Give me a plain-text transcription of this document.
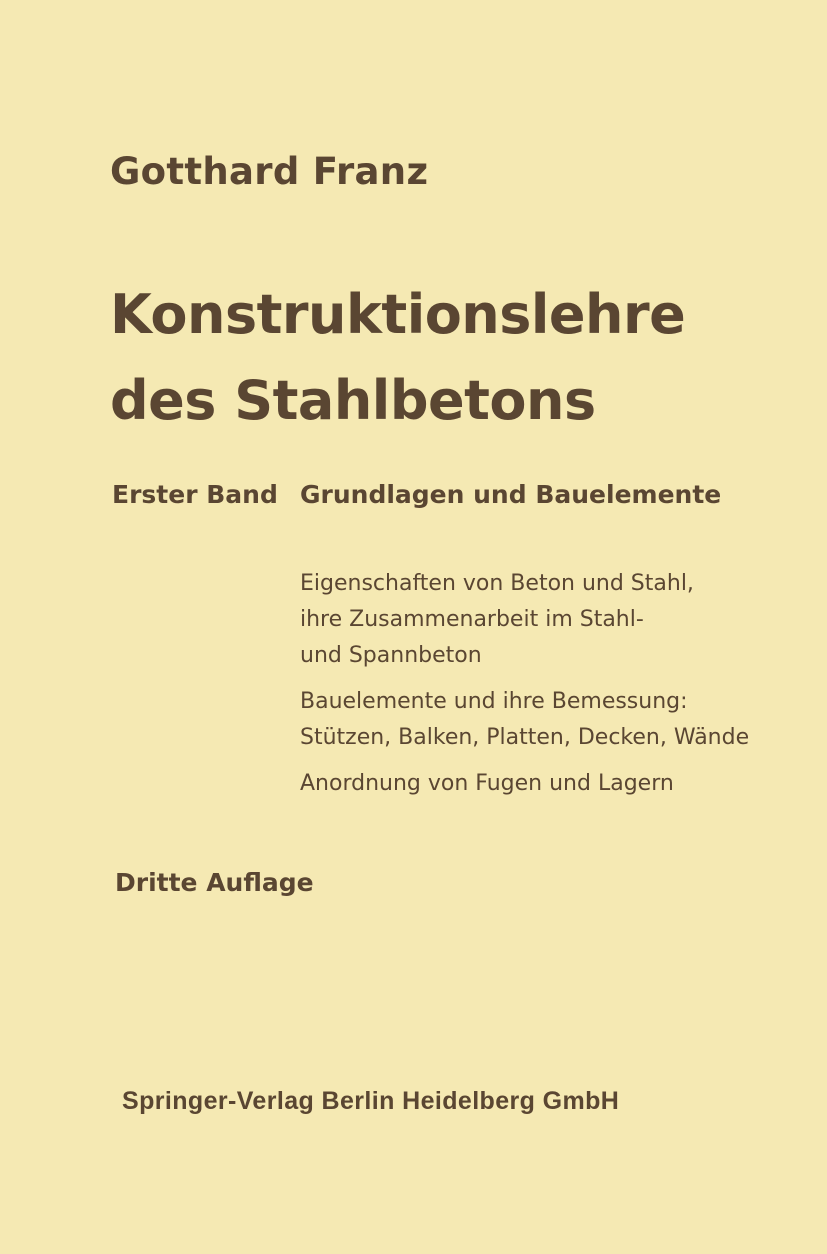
Gotthard Franz
Konstruktionslehre
des Stahlbetons
Erster Band Grundlagen und Bauelemente
Eigenschaften von Beton und Stahl,
ihre Zusammenarbeit im Stahl-
und Spannbeton
Bauelemente und ihre Bemessung:
Stützen, Balken, Platten, Decken, Wände
Anordnung von Fugen und Lagern
Dritte Auflage
Springer-Verlag Berlin Heidelberg GmbH
